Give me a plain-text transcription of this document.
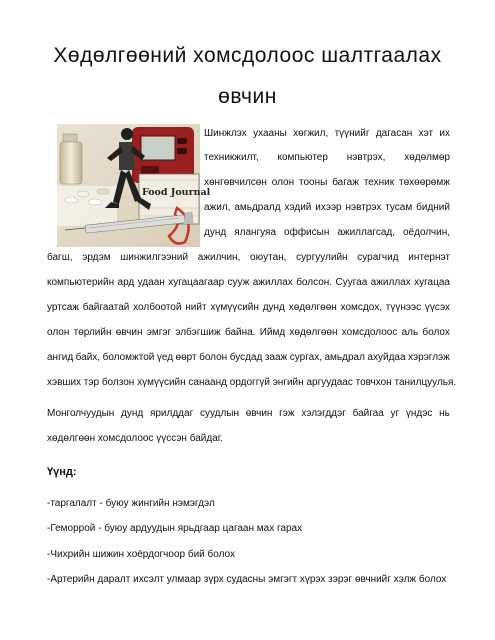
Хөдөлгөөний хомсдолоос шалтгаалах
өвчин
Food Journal
Шинжлэх ухааны хөгжил, түүнийг дагасан хэт их
техникжилт, компьютер нэвтрэх, хөдөлмөр
хөнгөвчилсөн олон тооны багаж техник төхөөрөмж
ажил, амьдралд хэдий ихээр нэвтрэх тусам бидний
дунд ялангуяа оффисын ажиллагсад, оёдолчин,
багш, эрдэм шинжилгээний ажилчин, оюутан, сургуулийн сурагчид интернэт
компьютерийн ард удаан хугацаагаар сууж ажиллах болсон. Суугаа ажиллах хугацаа
уртсаж байгаатай холбоотой нийт хүмүүсийн дунд хөдөлгөөн хомсдох, түүнээс үүсэх
олон төрлийн өвчин эмгэг элбэгшиж байна. Иймд хөдөлгөөн хомсдолоос аль болох
ангид байх, боломжтой үед өөрт болон бусдад зааж сургах, амьдрал ахуйдаа хэрэглэж
хэвших тэр болзон хүмүүсийн санаанд ордоггүй энгийн аргуудаас товчхон танилцуулья.
Монголчуудын дунд ярилддаг суудлын өвчин гэж хэлэгддэг байгаа уг үндэс нь
хөдөлгөөн хомсдолоос үүссэн байдаг.
Үүнд:
-таргалалт - буюу жингийн нэмэгдэл
-Геморрой - буюу ардуудын ярьдгаар цагаан мах гарах
-Чихрийн шижин хоёрдогчоор бий болох
-Артерийн даралт ихсэлт улмаар зүрх судасны эмгэгт хүрэх зэрэг өвчнийг хэлж болох
